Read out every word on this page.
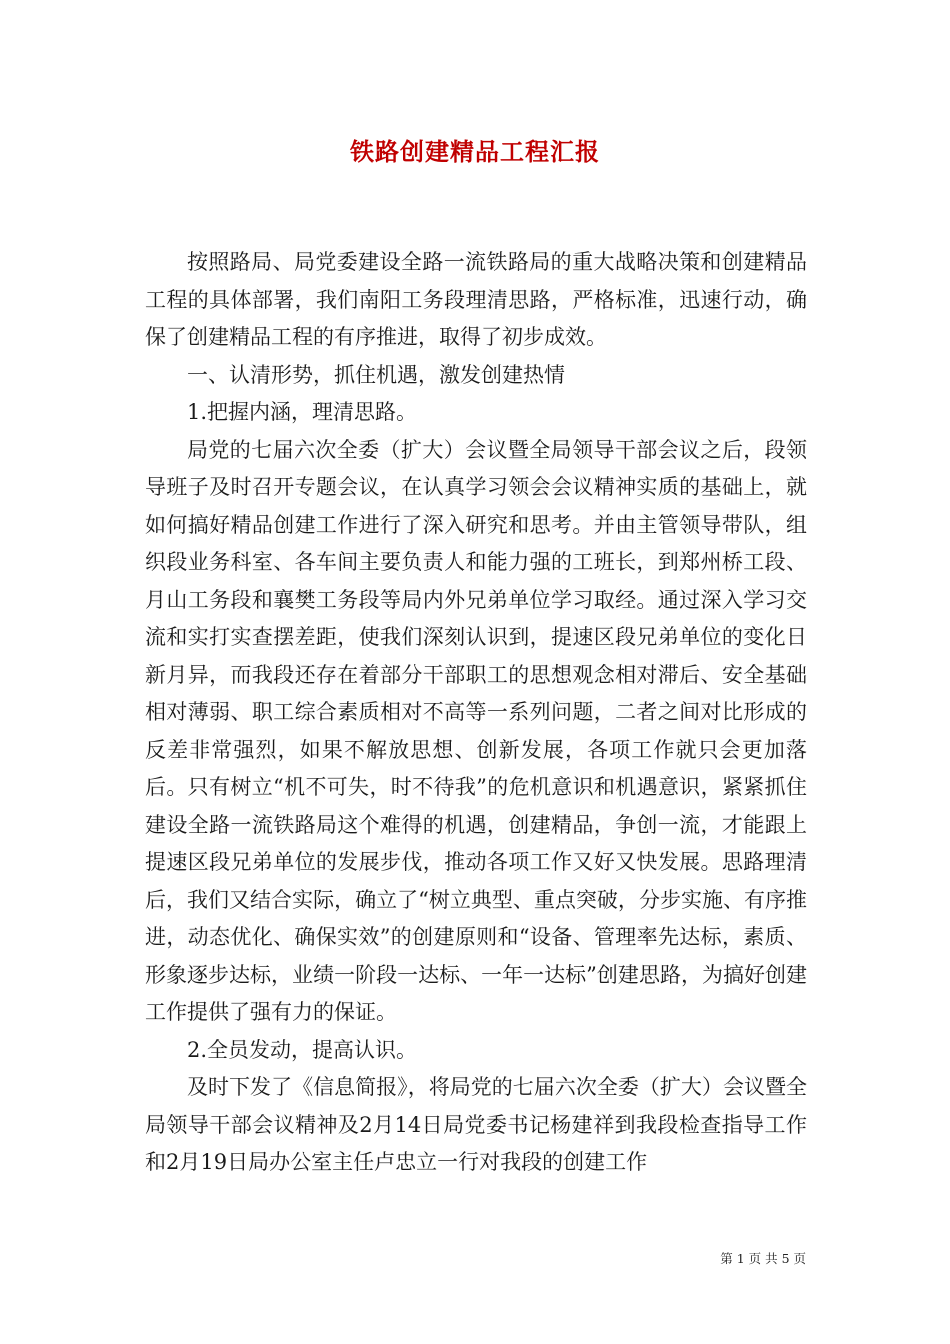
铁路创建精品工程汇报

按照路局、局党委建设全路一流铁路局的重大战略决策和创建精品工程的具体部署，我们南阳工务段理清思路，严格标准，迅速行动，确保了创建精品工程的有序推进，取得了初步成效。

一、认清形势，抓住机遇，激发创建热情

1.把握内涵，理清思路。

局党的七届六次全委（扩大）会议暨全局领导干部会议之后，段领导班子及时召开专题会议，在认真学习领会会议精神实质的基础上，就如何搞好精品创建工作进行了深入研究和思考。并由主管领导带队，组织段业务科室、各车间主要负责人和能力强的工班长，到郑州桥工段、月山工务段和襄樊工务段等局内外兄弟单位学习取经。通过深入学习交流和实打实查摆差距，使我们深刻认识到，提速区段兄弟单位的变化日新月异，而我段还存在着部分干部职工的思想观念相对滞后、安全基础相对薄弱、职工综合素质相对不高等一系列问题，二者之间对比形成的反差非常强烈，如果不解放思想、创新发展，各项工作就只会更加落后。只有树立“机不可失，时不待我”的危机意识和机遇意识，紧紧抓住建设全路一流铁路局这个难得的机遇，创建精品，争创一流，才能跟上提速区段兄弟单位的发展步伐，推动各项工作又好又快发展。思路理清后，我们又结合实际，确立了“树立典型、重点突破，分步实施、有序推进，动态优化、确保实效”的创建原则和“设备、管理率先达标，素质、形象逐步达标，业绩一阶段一达标、一年一达标”创建思路，为搞好创建工作提供了强有力的保证。

2.全员发动，提高认识。

及时下发了《信息简报》，将局党的七届六次全委（扩大）会议暨全局领导干部会议精神及2月14日局党委书记杨建祥到我段检查指导工作和2月19日局办公室主任卢忠立一行对我段的创建工作

第 1 页 共 5 页
